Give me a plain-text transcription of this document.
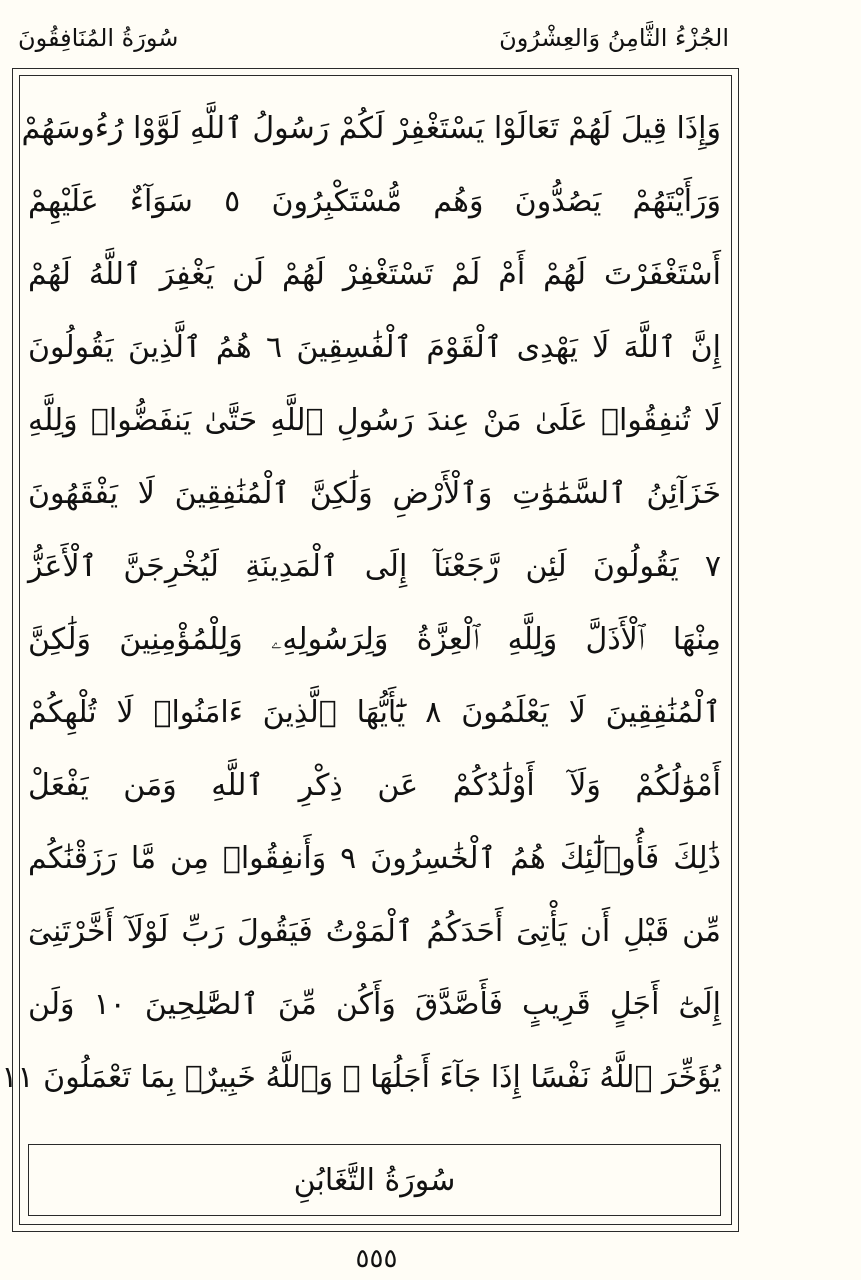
سُورَةُ المُنَافِقُونَ	الجُزْءُ الثَّامِنُ وَالعِشْرُونَ
وَإِذَا قِيلَ لَهُمْ تَعَالَوْا يَسْتَغْفِرْ لَكُمْ رَسُولُ ٱللَّهِ لَوَّوْا رُءُوسَهُمْ
وَرَأَيْتَهُمْ يَصُدُّونَ وَهُم مُّسْتَكْبِرُونَ ٥ سَوَآءٌ عَلَيْهِمْ
أَسْتَغْفَرْتَ لَهُمْ أَمْ لَمْ تَسْتَغْفِرْ لَهُمْ لَن يَغْفِرَ ٱللَّهُ لَهُمْ
إِنَّ ٱللَّهَ لَا يَهْدِى ٱلْقَوْمَ ٱلْفَٰسِقِينَ ٦ هُمُ ٱلَّذِينَ يَقُولُونَ
لَا تُنفِقُوا۟ عَلَىٰ مَنْ عِندَ رَسُولِ ٱللَّهِ حَتَّىٰ يَنفَضُّوا۟ وَلِلَّهِ
خَزَآئِنُ ٱلسَّمَٰوَٰتِ وَٱلْأَرْضِ وَلَٰكِنَّ ٱلْمُنَٰفِقِينَ لَا يَفْقَهُونَ
٧ يَقُولُونَ لَئِن رَّجَعْنَآ إِلَى ٱلْمَدِينَةِ لَيُخْرِجَنَّ ٱلْأَعَزُّ
مِنْهَا ٱلْأَذَلَّ وَلِلَّهِ ٱلْعِزَّةُ وَلِرَسُولِهِۦ وَلِلْمُؤْمِنِينَ وَلَٰكِنَّ
ٱلْمُنَٰفِقِينَ لَا يَعْلَمُونَ ٨ يَٰٓأَيُّهَا ٱلَّذِينَ ءَامَنُوا۟ لَا تُلْهِكُمْ
أَمْوَٰلُكُمْ وَلَآ أَوْلَٰدُكُمْ عَن ذِكْرِ ٱللَّهِ وَمَن يَفْعَلْ
ذَٰلِكَ فَأُو۟لَٰٓئِكَ هُمُ ٱلْخَٰسِرُونَ ٩ وَأَنفِقُوا۟ مِن مَّا رَزَقْنَٰكُم
مِّن قَبْلِ أَن يَأْتِىَ أَحَدَكُمُ ٱلْمَوْتُ فَيَقُولَ رَبِّ لَوْلَآ أَخَّرْتَنِىٓ
إِلَىٰٓ أَجَلٍ قَرِيبٍ فَأَصَّدَّقَ وَأَكُن مِّنَ ٱلصَّٰلِحِينَ ١٠ وَلَن
يُؤَخِّرَ ٱللَّهُ نَفْسًا إِذَا جَآءَ أَجَلُهَا ۚ وَٱللَّهُ خَبِيرٌۢ بِمَا تَعْمَلُونَ ١١
سُورَةُ التَّغَابُنِ
٥٥٥
